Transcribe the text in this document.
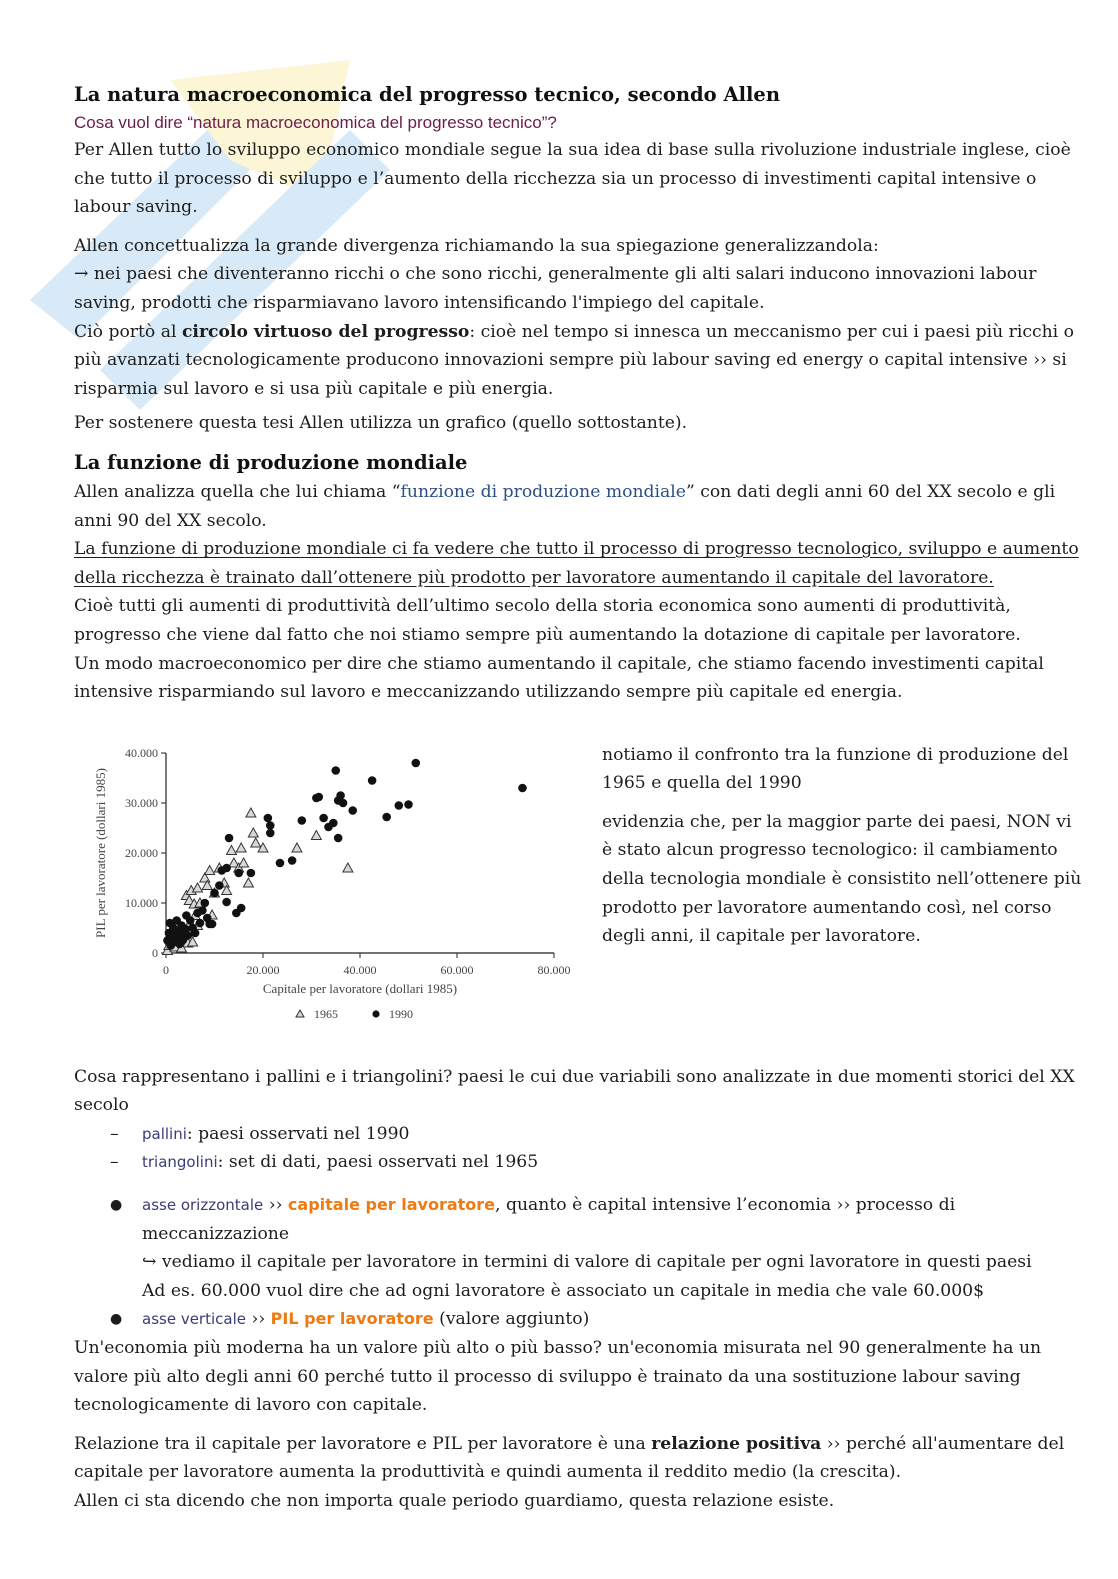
La natura macroeconomica del progresso tecnico, secondo Allen
Cosa vuol dire “natura macroeconomica del progresso tecnico”?

Per Allen tutto lo sviluppo economico mondiale segue la sua idea di base sulla rivoluzione industriale inglese, cioè che tutto il processo di sviluppo e l’aumento della ricchezza sia un processo di investimenti capital intensive o labour saving.

Allen concettualizza la grande divergenza richiamando la sua spiegazione generalizzandola:

→ nei paesi che diventeranno ricchi o che sono ricchi, generalmente gli alti salari inducono innovazioni labour saving, prodotti che risparmiavano lavoro intensificando l'impiego del capitale.

Ciò portò al circolo virtuoso del progresso: cioè nel tempo si innesca un meccanismo per cui i paesi più ricchi o più avanzati tecnologicamente producono innovazioni sempre più labour saving ed energy o capital intensive ›› si risparmia sul lavoro e si usa più capitale e più energia.

Per sostenere questa tesi Allen utilizza un grafico (quello sottostante).

La funzione di produzione mondiale

Allen analizza quella che lui chiama “funzione di produzione mondiale” con dati degli anni 60 del XX secolo e gli anni 90 del XX secolo.

La funzione di produzione mondiale ci fa vedere che tutto il processo di progresso tecnologico, sviluppo e aumento della ricchezza è trainato dall’ottenere più prodotto per lavoratore aumentando il capitale del lavoratore.

Cioè tutti gli aumenti di produttività dell’ultimo secolo della storia economica sono aumenti di produttività, progresso che viene dal fatto che noi stiamo sempre più aumentando la dotazione di capitale per lavoratore.

Un modo macroeconomico per dire che stiamo aumentando il capitale, che stiamo facendo investimenti capital intensive risparmiando sul lavoro e meccanizzando utilizzando sempre più capitale ed energia.

0	20.000	40.000	60.000	80.000
0
10.000
20.000
30.000
40.000
Capitale per lavoratore (dollari 1985)
PIL per lavoratore (dollari 1985)
1965	1990

notiamo il confronto tra la funzione di produzione del 1965 e quella del 1990

evidenzia che, per la maggior parte dei paesi, NON vi è stato alcun progresso tecnologico: il cambiamento della tecnologia mondiale è consistito nell’ottenere più prodotto per lavoratore aumentando così, nel corso degli anni, il capitale per lavoratore.

Cosa rappresentano i pallini e i triangolini? paesi le cui due variabili sono analizzate in due momenti storici del XX secolo

– pallini: paesi osservati nel 1990
– triangolini: set di dati, paesi osservati nel 1965
● asse orizzontale ›› capitale per lavoratore, quanto è capital intensive l’economia ›› processo di meccanizzazione
↪ vediamo il capitale per lavoratore in termini di valore di capitale per ogni lavoratore in questi paesi
Ad es. 60.000 vuol dire che ad ogni lavoratore è associato un capitale in media che vale 60.000$
● asse verticale ›› PIL per lavoratore (valore aggiunto)

Un'economia più moderna ha un valore più alto o più basso? un'economia misurata nel 90 generalmente ha un valore più alto degli anni 60 perché tutto il processo di sviluppo è trainato da una sostituzione labour saving tecnologicamente di lavoro con capitale.

Relazione tra il capitale per lavoratore e PIL per lavoratore è una relazione positiva ›› perché all'aumentare del capitale per lavoratore aumenta la produttività e quindi aumenta il reddito medio (la crescita).

Allen ci sta dicendo che non importa quale periodo guardiamo, questa relazione esiste.
